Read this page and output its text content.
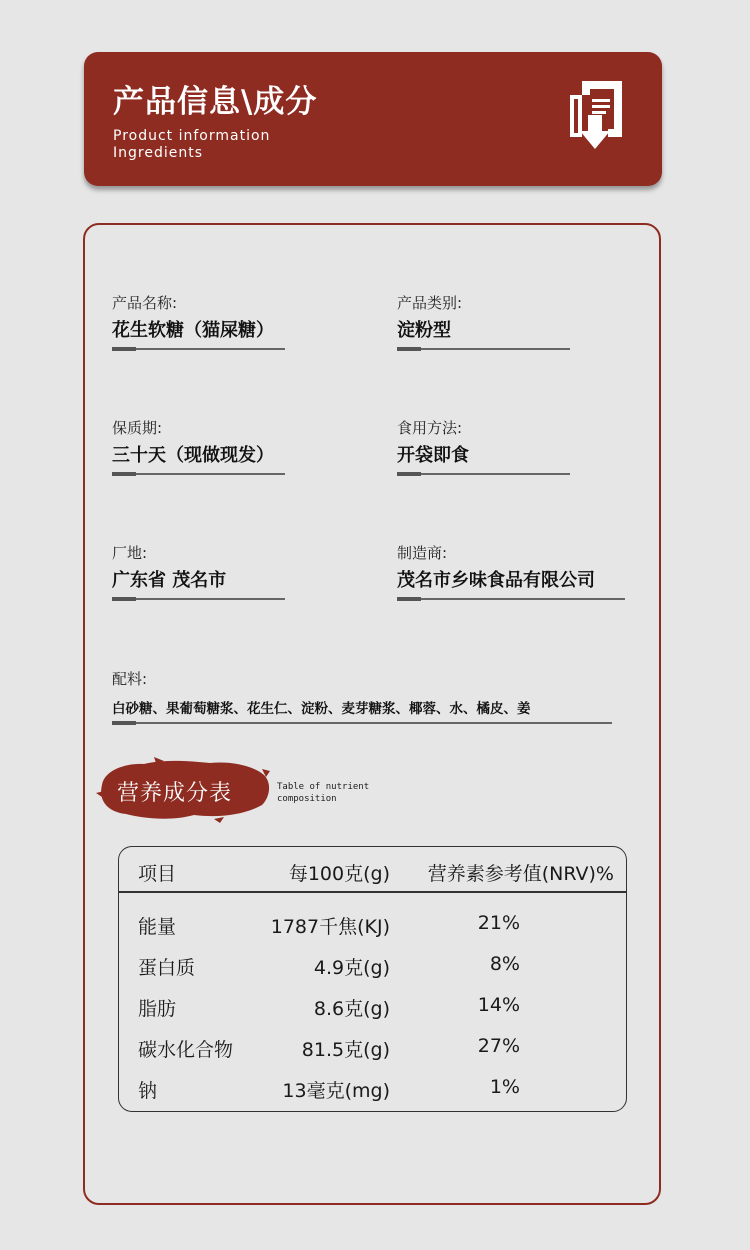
产品信息\成分
Product information
Ingredients
产品名称:
花生软糖（猫屎糖）
产品类别:
淀粉型
保质期:
三十天（现做现发）
食用方法:
开袋即食
厂地:
广东省 茂名市
制造商:
茂名市乡味食品有限公司
配料:
白砂糖、果葡萄糖浆、花生仁、淀粉、麦芽糖浆、椰蓉、水、橘皮、姜
营养成分表	Table of nutrient
composition
项目	每100克(g) 营养素参考值(NRV)%
能量	1787千焦(KJ)	21%
蛋白质	4.9克(g)	8%
脂肪	8.6克(g)	14%
碳水化合物	81.5克(g)	27%
钠	13毫克(mg)	1%
